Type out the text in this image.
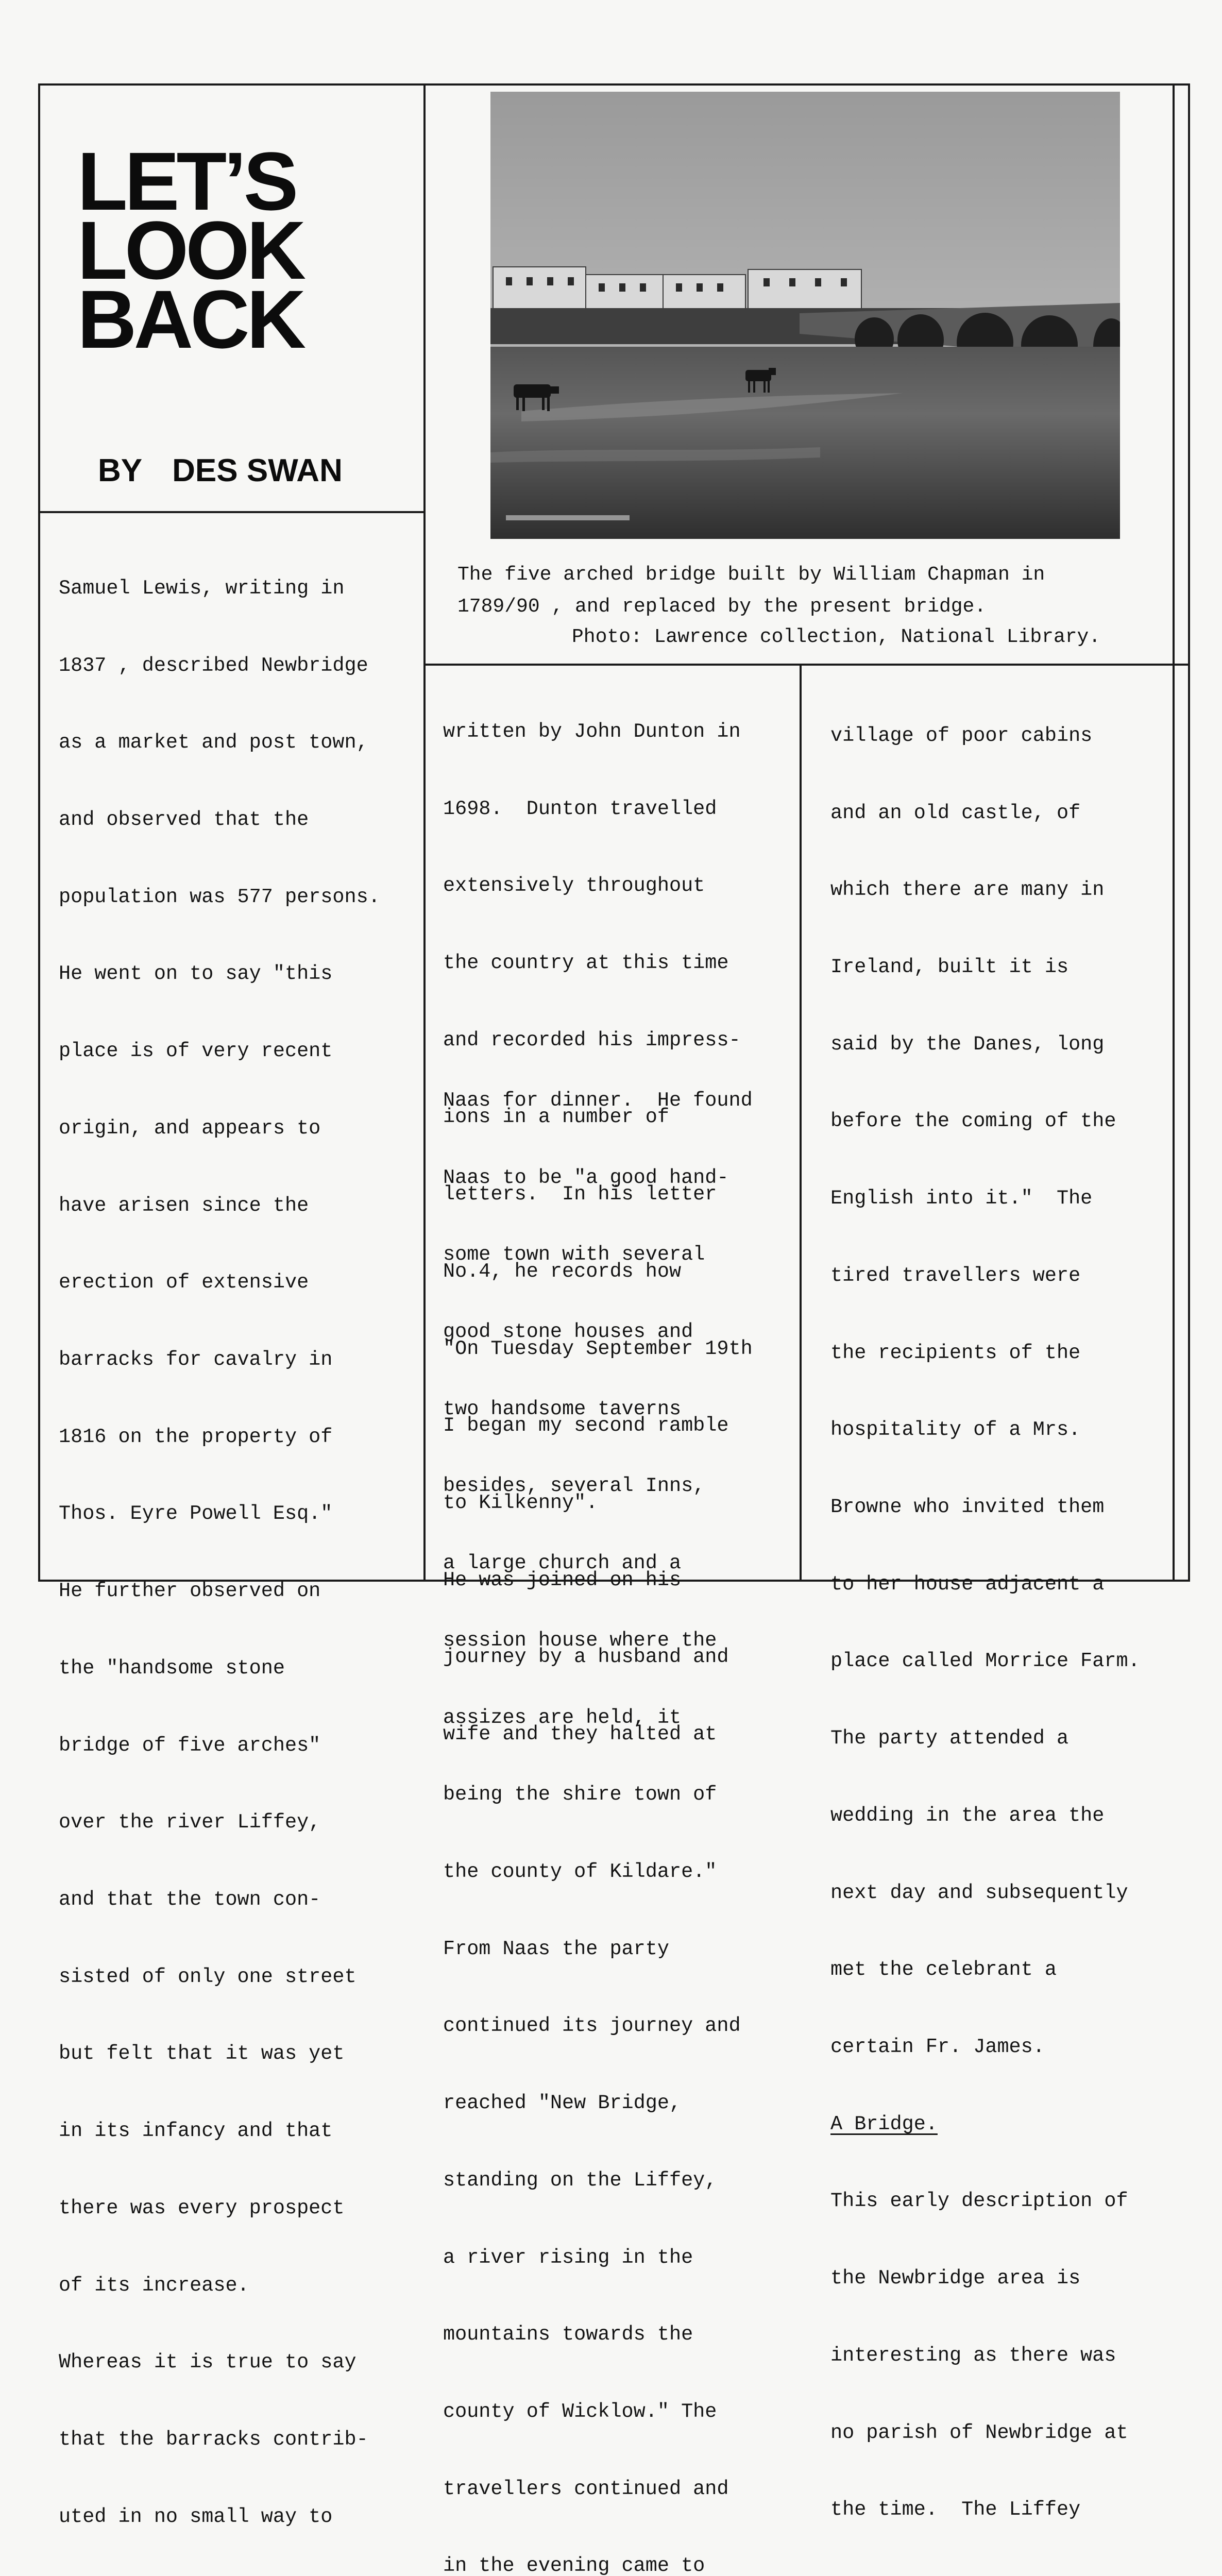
LET’S
LOOK
BACK
BY DES SWAN
The five arched bridge built by William Chapman in
1789/90 , and replaced by the present bridge.
Photo: Lawrence collection, National Library.

Samuel Lewis, writing in

1837 , described Newbridge

as a market and post town,

and observed that the

population was 577 persons.

He went on to say "this

place is of very recent

origin, and appears to

have arisen since the

erection of extensive

barracks for cavalry in

1816 on the property of

Thos. Eyre Powell Esq."

He further observed on

the "handsome stone

bridge of five arches"

over the river Liffey,

and that the town con-

sisted of only one street

but felt that it was yet

in its infancy and that

there was every prospect

of its increase.

Whereas it is true to say

that the barracks contrib-

uted in no small way to

written by John Dunton in

1698.  Dunton travelled

extensively throughout

the country at this time

and recorded his impress-

ions in a number of

letters.  In his letter

No.4, he records how

"On Tuesday September 19th

I began my second ramble

to Kilkenny".

He was joined on his

journey by a husband and

wife and they halted at

Naas for dinner.  He found

Naas to be "a good hand-

some town with several

good stone houses and

two handsome taverns

besides, several Inns,

a large church and a

session house where the

assizes are held, it

being the shire town of

the county of Kildare."

From Naas the party

continued its journey and

reached "New Bridge,

standing on the Liffey,

a river rising in the

mountains towards the

county of Wicklow." The

travellers continued and

in the evening came to

village of poor cabins

and an old castle, of

which there are many in

Ireland, built it is

said by the Danes, long

before the coming of the

English into it."  The

tired travellers were

the recipients of the

hospitality of a Mrs.

Browne who invited them

to her house adjacent a

place called Morrice Farm.

The party attended a

wedding in the area the

next day and subsequently

met the celebrant a

certain Fr. James.

A Bridge.

This early description of

the Newbridge area is

interesting as there was

no parish of Newbridge at

the time.  The Liffey
